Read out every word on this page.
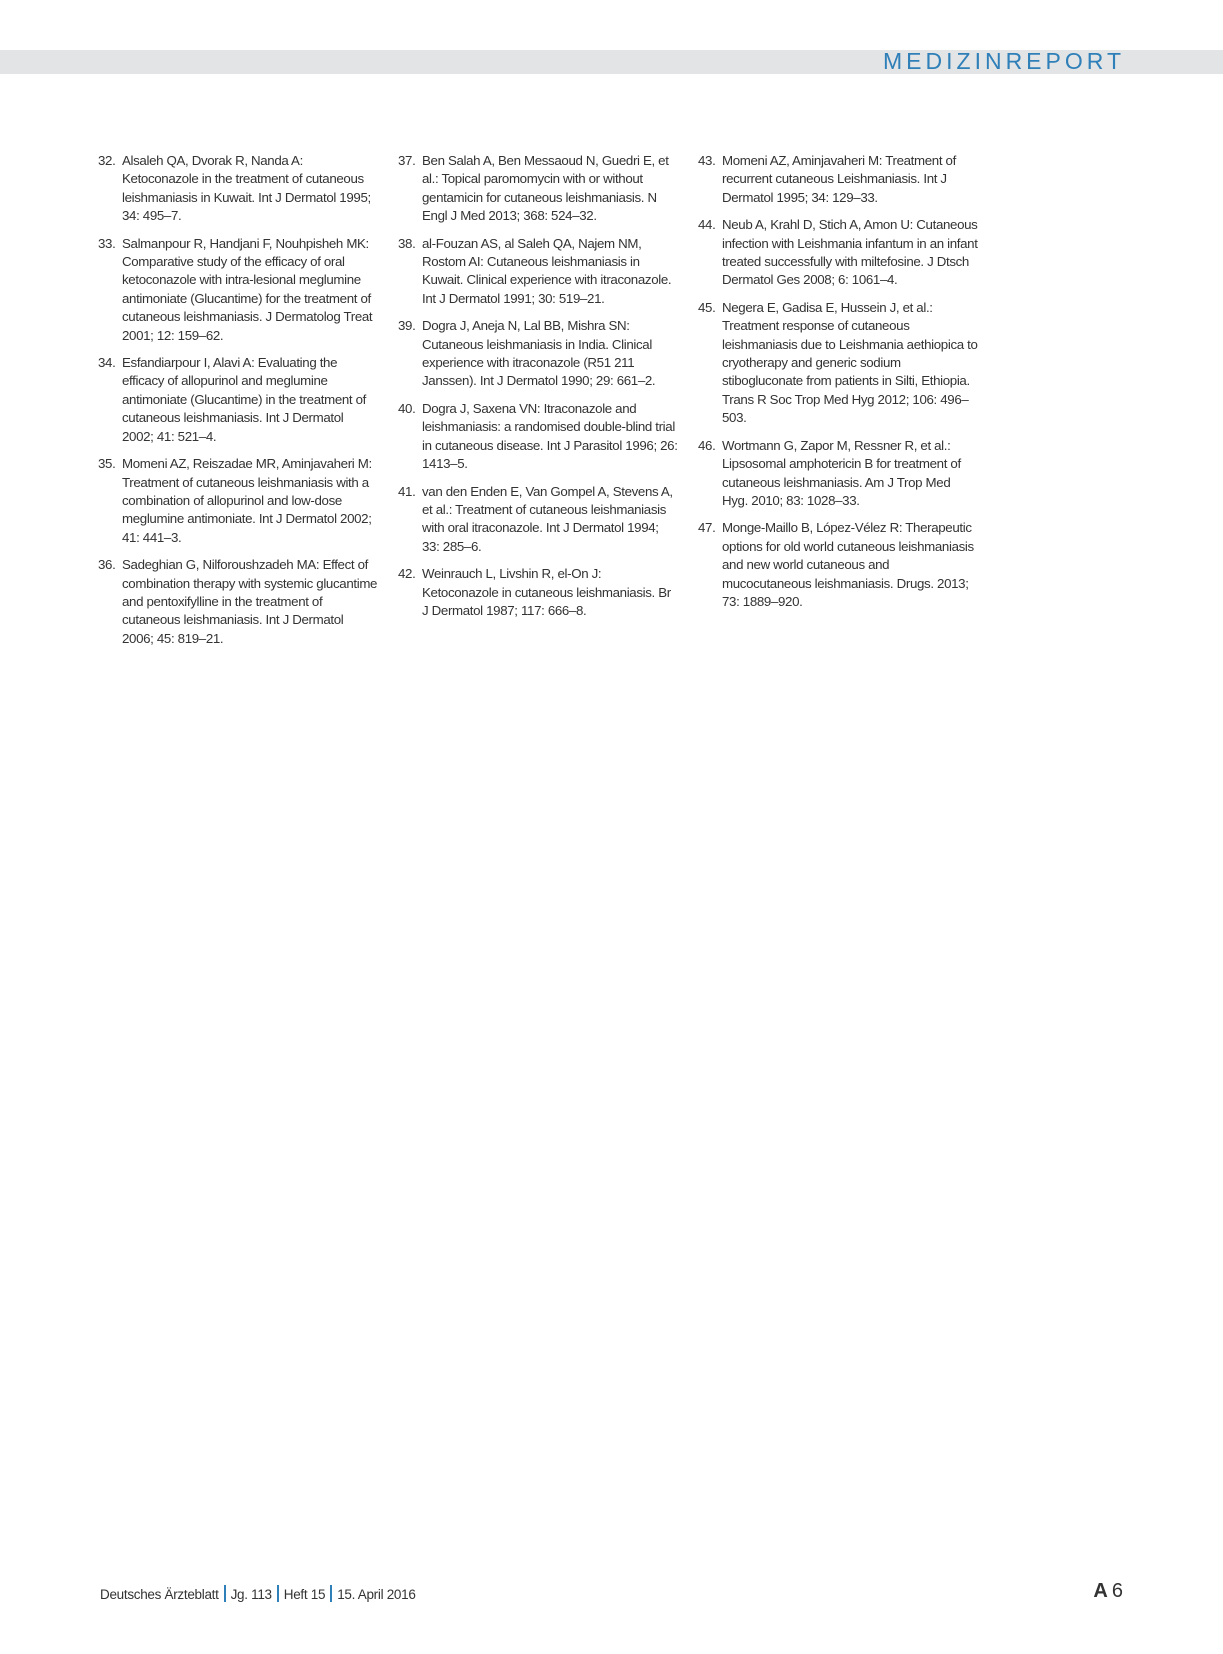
MEDIZINREPORT
32. Alsaleh QA, Dvorak R, Nanda A: Ketoconazole in the treatment of cutaneous leishmaniasis in Kuwait. Int J Dermatol 1995; 34: 495–7.
33. Salmanpour R, Handjani F, Nouhpisheh MK: Comparative study of the efficacy of oral ketoconazole with intra-lesional meglumine antimoniate (Glucantime) for the treatment of cutaneous leishmaniasis. J Dermatolog Treat 2001; 12: 159–62.
34. Esfandiarpour I, Alavi A: Evaluating the efficacy of allopurinol and meglumine antimoniate (Glucantime) in the treatment of cutaneous leishmaniasis. Int J Dermatol 2002; 41: 521–4.
35. Momeni AZ, Reiszadae MR, Aminjavaheri M: Treatment of cutaneous leishmaniasis with a combination of allopurinol and low-dose meglumine antimoniate. Int J Dermatol 2002; 41: 441–3.
36. Sadeghian G, Nilforoushzadeh MA: Effect of combination therapy with systemic glucantime and pentoxifylline in the treatment of cutaneous leishmaniasis. Int J Dermatol 2006; 45: 819–21.
37. Ben Salah A, Ben Messaoud N, Guedri E, et al.: Topical paromomycin with or without gentamicin for cutaneous leishmaniasis. N Engl J Med 2013; 368: 524–32.
38. al-Fouzan AS, al Saleh QA, Najem NM, Rostom AI: Cutaneous leishmaniasis in Kuwait. Clinical experience with itraconazole. Int J Dermatol 1991; 30: 519–21.
39. Dogra J, Aneja N, Lal BB, Mishra SN: Cutaneous leishmaniasis in India. Clinical experience with itraconazole (R51 211 Janssen). Int J Dermatol 1990; 29: 661–2.
40. Dogra J, Saxena VN: Itraconazole and leishmaniasis: a randomised double-blind trial in cutaneous disease. Int J Parasitol 1996; 26: 1413–5.
41. van den Enden E, Van Gompel A, Stevens A, et al.: Treatment of cutaneous leishmaniasis with oral itraconazole. Int J Dermatol 1994; 33: 285–6.
42. Weinrauch L, Livshin R, el-On J: Ketoconazole in cutaneous leishmaniasis. Br J Dermatol 1987; 117: 666–8.
43. Momeni AZ, Aminjavaheri M: Treatment of recurrent cutaneous Leishmaniasis. Int J Dermatol 1995; 34: 129–33.
44. Neub A, Krahl D, Stich A, Amon U: Cutaneous infection with Leishmania infantum in an infant treated successfully with miltefosine. J Dtsch Dermatol Ges 2008; 6: 1061–4.
45. Negera E, Gadisa E, Hussein J, et al.: Treatment response of cutaneous leishmaniasis due to Leishmania aethiopica to cryotherapy and generic sodium stibogluconate from patients in Silti, Ethiopia. Trans R Soc Trop Med Hyg 2012; 106: 496–503.
46. Wortmann G, Zapor M, Ressner R, et al.: Lipsosomal amphotericin B for treatment of cutaneous leishmaniasis. Am J Trop Med Hyg. 2010; 83: 1028–33.
47. Monge-Maillo B, López-Vélez R: Therapeutic options for old world cutaneous leishmaniasis and new world cutaneous and mucocutaneous leishmaniasis. Drugs. 2013; 73: 1889–920.
Deutsches Ärzteblatt Jg. 113 Heft 15 15. April 2016	A 6
